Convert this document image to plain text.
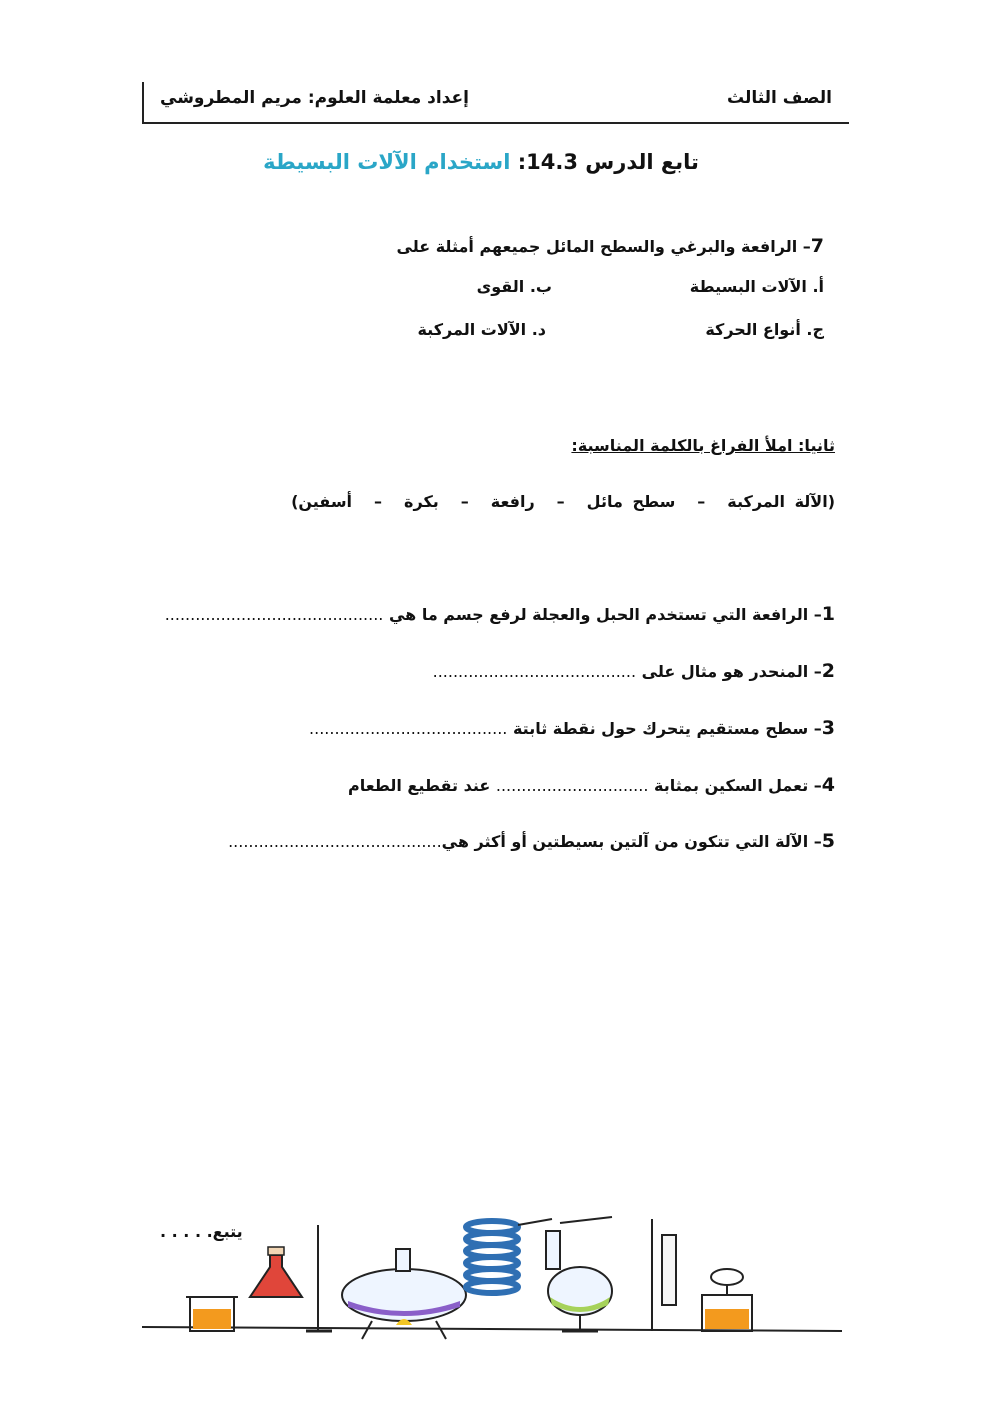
الصف الثالث
إعداد معلمة العلوم: مريم المطروشي
تابع الدرس 14.3: استخدام الآلات البسيطة
7– الرافعة والبرغي والسطح المائل جميعهم أمثلة على
أ. الآلات البسيطة
ب. القوى
ج. أنواع الحركة
د. الآلات المركبة
ثانيا: املأ الفراغ بالكلمة المناسبة:
(الآلة المركبة–سطح مائل–رافعة–بكرة–أسفين)
1– الرافعة التي تستخدم الحبل والعجلة لرفع جسم ما هي ...........................................
2– المنحدر هو مثال على ........................................
3– سطح مستقيم يتحرك حول نقطة ثابتة .......................................
4– تعمل السكين بمثابة .............................. عند تقطيع الطعام
5– الآلة التي تتكون من آلتين بسيطتين أو أكثر هي..........................................
يتبع. . . . .
